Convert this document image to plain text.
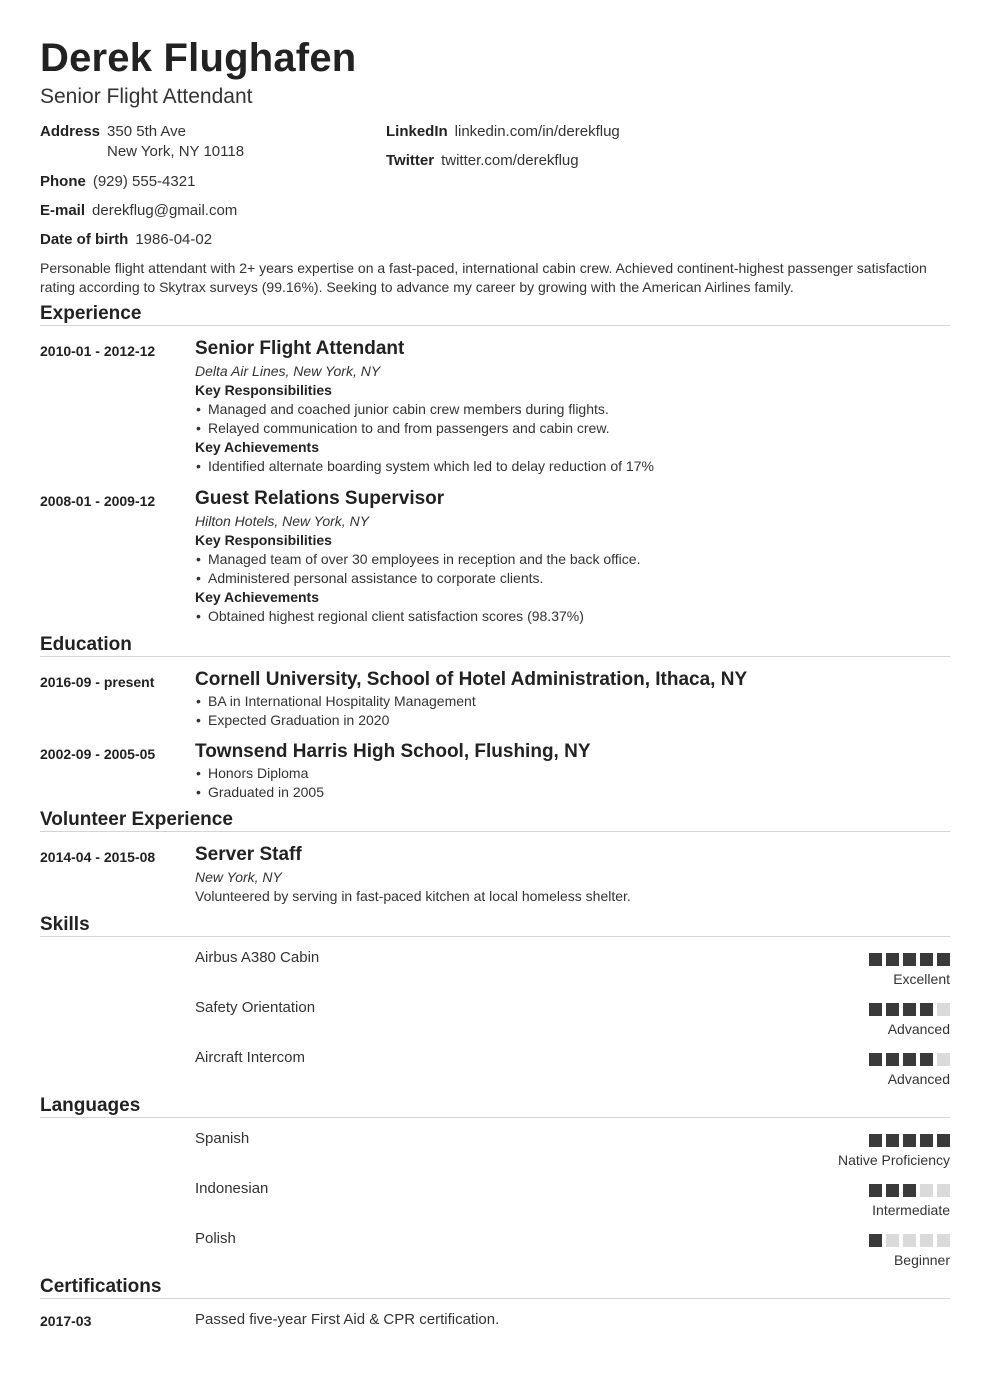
Derek Flughafen
Senior Flight Attendant
Address 350 5th Ave
New York, NY 10118
Phone (929) 555-4321
E-mail derekflug@gmail.com
Date of birth 1986-04-02
LinkedIn linkedin.com/in/derekflug
Twitter twitter.com/derekflug
Personable flight attendant with 2+ years expertise on a fast-paced, international cabin crew. Achieved continent-highest passenger satisfaction rating according to Skytrax surveys (99.16%). Seeking to advance my career by growing with the American Airlines family.
Experience
2010-01 - 2012-12 Senior Flight Attendant
Delta Air Lines, New York, NY
Key Responsibilities
• Managed and coached junior cabin crew members during flights.
• Relayed communication to and from passengers and cabin crew.
Key Achievements
• Identified alternate boarding system which led to delay reduction of 17%
2008-01 - 2009-12 Guest Relations Supervisor
Hilton Hotels, New York, NY
Key Responsibilities
• Managed team of over 30 employees in reception and the back office.
• Administered personal assistance to corporate clients.
Key Achievements
• Obtained highest regional client satisfaction scores (98.37%)
Education
2016-09 - present Cornell University, School of Hotel Administration, Ithaca, NY
• BA in International Hospitality Management
• Expected Graduation in 2020
2002-09 - 2005-05 Townsend Harris High School, Flushing, NY
• Honors Diploma
• Graduated in 2005
Volunteer Experience
2014-04 - 2015-08 Server Staff
New York, NY
Volunteered by serving in fast-paced kitchen at local homeless shelter.
Skills
Airbus A380 Cabin
Excellent
Safety Orientation
Advanced
Aircraft Intercom
Advanced
Languages
Spanish
Native Proficiency
Indonesian
Intermediate
Polish
Beginner
Certifications
2017-03	Passed five-year First Aid & CPR certification.
